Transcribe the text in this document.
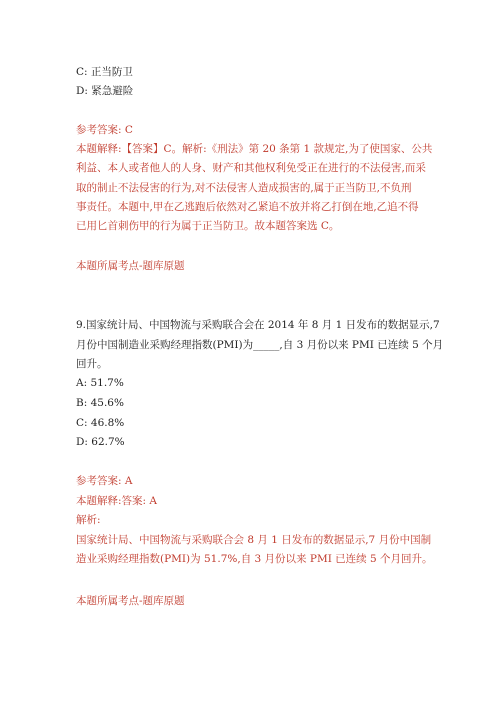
C: 正当防卫
D: 紧急避险
参考答案: C
本题解释:【答案】C。解析:《刑法》第 20 条第 1 款规定,为了使国家、公共
利益、本人或者他人的人身、财产和其他权利免受正在进行的不法侵害,而采
取的制止不法侵害的行为,对不法侵害人造成损害的,属于正当防卫,不负刑
事责任。本题中,甲在乙逃跑后依然对乙紧追不放并将乙打倒在地,乙追不得
已用匕首刺伤甲的行为属于正当防卫。故本题答案选 C。
本题所属考点-题库原题
9.国家统计局、中国物流与采购联合会在 2014 年 8 月 1 日发布的数据显示,7
月份中国制造业采购经理指数(PMI)为_____,自 3 月份以来 PMI 已连续 5 个月
回升。
A: 51.7%
B: 45.6%
C: 46.8%
D: 62.7%
参考答案: A
本题解释:答案: A
解析:
国家统计局、中国物流与采购联合会 8 月 1 日发布的数据显示,7 月份中国制
造业采购经理指数(PMI)为 51.7%,自 3 月份以来 PMI 已连续 5 个月回升。
本题所属考点-题库原题
